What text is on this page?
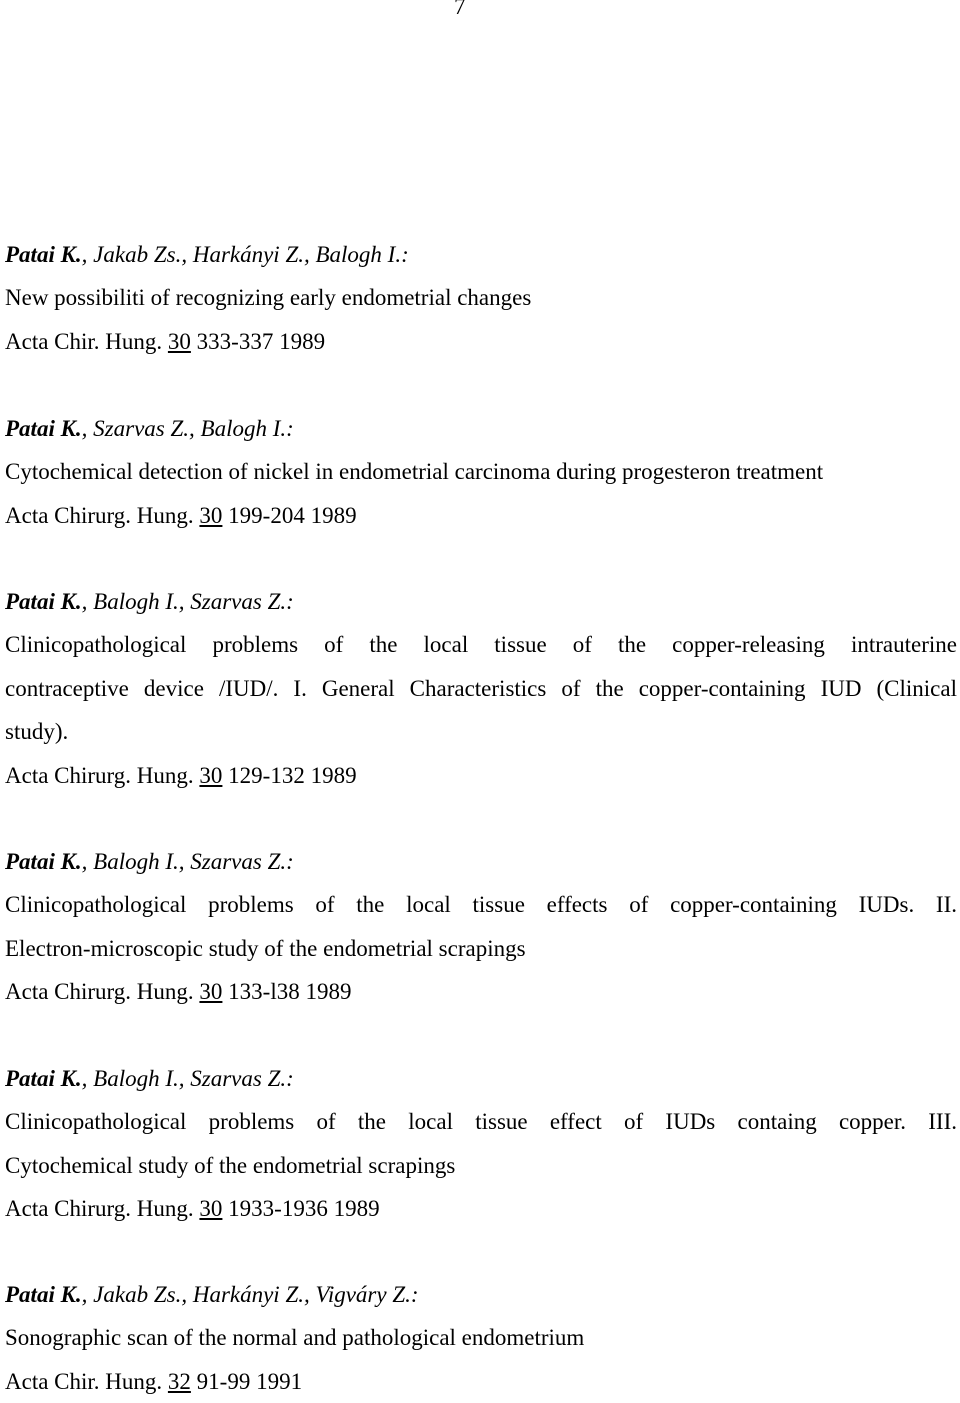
7
Patai K., Jakab Zs., Harkányi Z., Balogh I.:
New possibiliti of recognizing early endometrial changes
Acta Chir. Hung. 30 333-337 1989
Patai K., Szarvas Z., Balogh I.:
Cytochemical detection of nickel in endometrial carcinoma during progesteron treatment
Acta Chirurg. Hung. 30 199-204 1989
Patai K., Balogh I., Szarvas Z.:
Clinicopathological problems of the local tissue of the copper-releasing intrauterine
contraceptive device /IUD/. I. General Characteristics of the copper-containing IUD (Clinical
study).
Acta Chirurg. Hung. 30 129-132 1989
Patai K., Balogh I., Szarvas Z.:
Clinicopathological problems of the local tissue effects of copper-containing IUDs. II.
Electron-microscopic study of the endometrial scrapings
Acta Chirurg. Hung. 30 133-l38 1989
Patai K., Balogh I., Szarvas Z.:
Clinicopathological problems of the local tissue effect of IUDs containg copper. III.
Cytochemical study of the endometrial scrapings
Acta Chirurg. Hung. 30 1933-1936 1989
Patai K., Jakab Zs., Harkányi Z., Vigváry Z.:
Sonographic scan of the normal and pathological endometrium
Acta Chir. Hung. 32 91-99 1991
